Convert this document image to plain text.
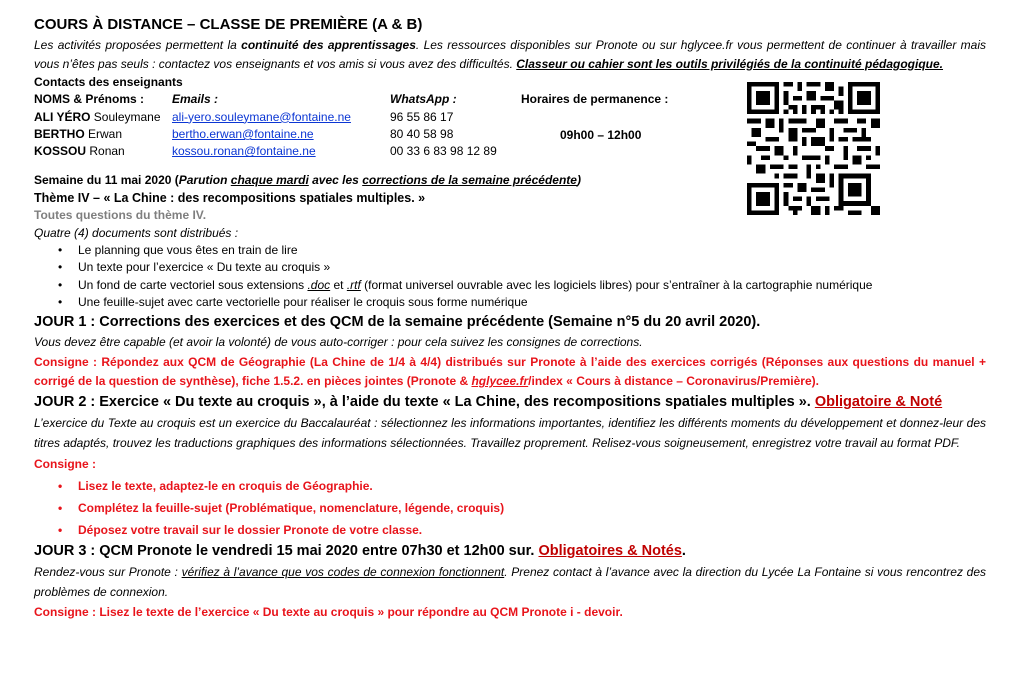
COURS À DISTANCE – CLASSE DE PREMIÈRE (A & B)
Les activités proposées permettent la continuité des apprentissages. Les ressources disponibles sur Pronote ou sur hglycee.fr vous permettent de continuer à travailler mais vous n’êtes pas seuls : contactez vos enseignants et vos amis si vous avez des difficultés. Classeur ou cahier sont les outils privilégiés de la continuité pédagogique.
Contacts des enseignants
NOMS & Prénoms :
ALI YÉRO Souleymane
BERTHO Erwan
KOSSOU Ronan
Emails :
ali-yero.souleymane@fontaine.ne
bertho.erwan@fontaine.ne
kossou.ronan@fontaine.ne
WhatsApp :
96 55 86 17
80 40 58 98
00 33 6 83 98 12 89
Horaires de permanence :
09h00 – 12h00
Semaine du 11 mai 2020 (Parution chaque mardi avec les corrections de la semaine précédente)
Thème IV – « La Chine : des recompositions spatiales multiples. »
Toutes questions du thème IV.
Quatre (4) documents sont distribués :
• Le planning que vous êtes en train de lire
• Un texte pour l’exercice « Du texte au croquis »
• Un fond de carte vectoriel sous extensions .doc et .rtf (format universel ouvrable avec les logiciels libres) pour s’entraîner à la cartographie numérique
• Une feuille-sujet avec carte vectorielle pour réaliser le croquis sous forme numérique
JOUR 1 : Corrections des exercices et des QCM de la semaine précédente (Semaine n°5 du 20 avril 2020).
Vous devez être capable (et avoir la volonté) de vous auto-corriger : pour cela suivez les consignes de corrections.
Consigne : Répondez aux QCM de Géographie (La Chine de 1/4 à 4/4) distribués sur Pronote à l’aide des exercices corrigés (Réponses aux questions du manuel + corrigé de la question de synthèse), fiche 1.5.2. en pièces jointes (Pronote & hglycee.fr/index « Cours à distance – Coronavirus/Première).
JOUR 2 : Exercice « Du texte au croquis », à l’aide du texte « La Chine, des recompositions spatiales multiples ». Obligatoire & Noté
L’exercice du Texte au croquis est un exercice du Baccalauréat : sélectionnez les informations importantes, identifiez les différents moments du développement et donnez-leur des titres adaptés, trouvez les traductions graphiques des informations sélectionnées. Travaillez proprement. Relisez-vous soigneusement, enregistrez votre travail au format PDF.
Consigne :
• Lisez le texte, adaptez-le en croquis de Géographie.
• Complétez la feuille-sujet (Problématique, nomenclature, légende, croquis)
• Déposez votre travail sur le dossier Pronote de votre classe.
JOUR 3 : QCM Pronote le vendredi 15 mai 2020 entre 07h30 et 12h00 sur. Obligatoires & Notés.
Rendez-vous sur Pronote : vérifiez à l’avance que vos codes de connexion fonctionnent. Prenez contact à l’avance avec la direction du Lycée La Fontaine si vous rencontrez des problèmes de connexion.
Consigne : Lisez le texte de l’exercice « Du texte au croquis » pour répondre au QCM Pronote i - devoir.
